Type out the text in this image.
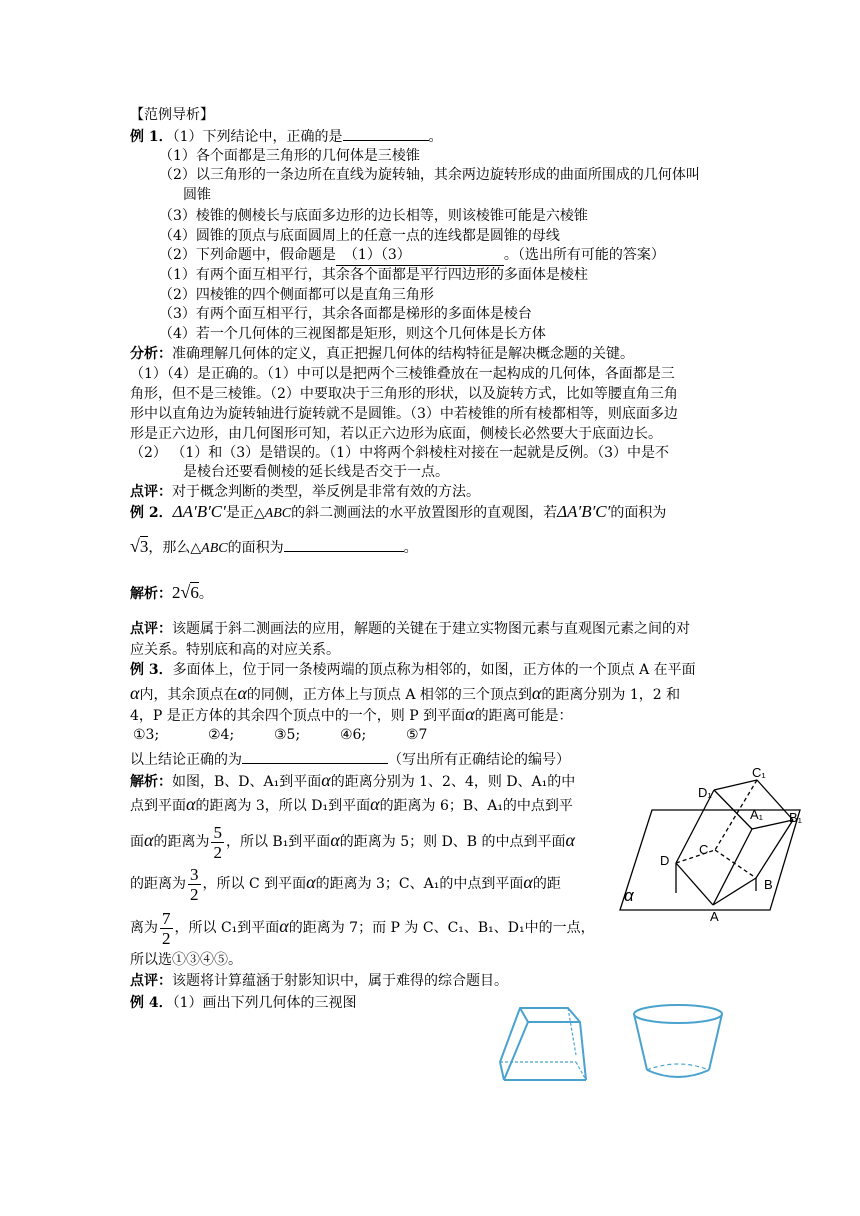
【范例导析】
例 1．（1）下列结论中，正确的是	。
（1）各个面都是三角形的几何体是三棱锥
（2）以三角形的一条边所在直线为旋转轴，其余两边旋转形成的曲面所围成的几何体叫
圆锥
（3）棱锥的侧棱长与底面多边形的边长相等，则该棱锥可能是六棱锥
（4）圆锥的顶点与底面圆周上的任意一点的连线都是圆锥的母线
（2）下列命题中，假命题是 （1）（3）	。（选出所有可能的答案）
（1）有两个面互相平行，其余各个面都是平行四边形的多面体是棱柱
（2）四棱锥的四个侧面都可以是直角三角形
（3）有两个面互相平行，其余各面都是梯形的多面体是棱台
（4）若一个几何体的三视图都是矩形，则这个几何体是长方体
分析：准确理解几何体的定义，真正把握几何体的结构特征是解决概念题的关键。
（1）（4）是正确的。（1）中可以是把两个三棱锥叠放在一起构成的几何体，各面都是三
角形，但不是三棱锥。（2）中要取决于三角形的形状，以及旋转方式，比如等腰直角三角
形中以直角边为旋转轴进行旋转就不是圆锥。（3）中若棱锥的所有棱都相等，则底面多边
形是正六边形，由几何图形可知，若以正六边形为底面，侧棱长必然要大于底面边长。
（2） （1）和（3）是错误的。（1）中将两个斜棱柱对接在一起就是反例。（3）中是不
是棱台还要看侧棱的延长线是否交于一点。
点评：对于概念判断的类型，举反例是非常有效的方法。
例 2．ΔA′B′C′是正△ABC的斜二测画法的水平放置图形的直观图，若ΔA′B′C′的面积为
√3，那么△ABC的面积为	。
解析：2√6。
点评：该题属于斜二测画法的应用，解题的关键在于建立实物图元素与直观图元素之间的对
应关系。特别底和高的对应关系。
例 3．多面体上，位于同一条棱两端的顶点称为相邻的，如图，正方体的一个顶点 A 在平面
α内，其余顶点在α的同侧，正方体上与顶点 A 相邻的三个顶点到α的距离分别为 1，2 和
4，P 是正方体的其余四个顶点中的一个，则 P 到平面α的距离可能是：
①3;	②4;	③5;	④6;	⑤7
以上结论正确的为	（写出所有正确结论的编号）
解析：如图，B、D、A₁到平面α的距离分别为 1、2、4，则 D、A₁的中
点到平面α的距离为 3，所以 D₁到平面α的距离为 6；B、A₁的中点到平
面α的距离为 $\frac{5}{2}$ ，所以 B₁到平面α的距离为 5；则 D、B 的中点到平面α
的距离为 $\frac{3}{2}$ ，所以 C 到平面α的距离为 3；C、A₁的中点到平面α的距
离为 $\frac{7}{2}$ ，所以 C₁到平面α的距离为 7；而 P 为 C、C₁、B₁、D₁中的一点，
所以选①③④⑤。
点评：该题将计算蕴涵于射影知识中，属于难得的综合题目。
D₁
C₁
A₁ B₁
C
D
B
A
α
例 4．（1）画出下列几何体的三视图
